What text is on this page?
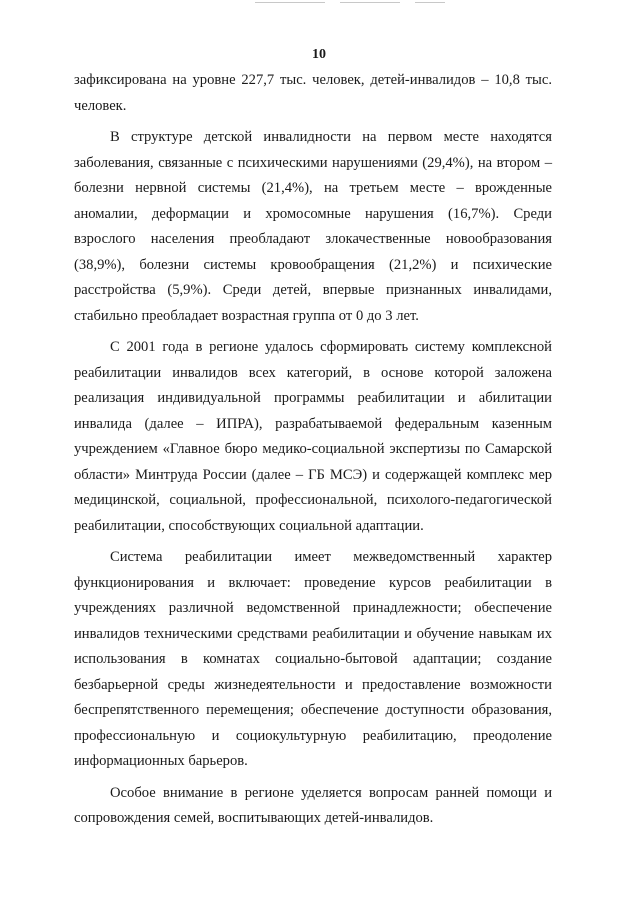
10

зафиксирована на уровне 227,7 тыс. человек, детей-инвалидов – 10,8 тыс. человек.

В структуре детской инвалидности на первом месте находятся заболевания, связанные с психическими нарушениями (29,4%), на втором – болезни нервной системы (21,4%), на третьем месте – врожденные аномалии, деформации и хромосомные нарушения (16,7%). Среди взрослого населения преобладают злокачественные новообразования (38,9%), болезни системы кровообращения (21,2%) и психические расстройства (5,9%). Среди детей, впервые признанных инвалидами, стабильно преобладает возрастная группа от 0 до 3 лет.

С 2001 года в регионе удалось сформировать систему комплексной реабилитации инвалидов всех категорий, в основе которой заложена реализация индивидуальной программы реабилитации и абилитации инвалида (далее – ИПРА), разрабатываемой федеральным казенным учреждением «Главное бюро медико-социальной экспертизы по Самарской области» Минтруда России (далее – ГБ МСЭ) и содержащей комплекс мер медицинской, социальной, профессиональной, психолого-педагогической реабилитации, способствующих социальной адаптации.

Система реабилитации имеет межведомственный характер функционирования и включает: проведение курсов реабилитации в учреждениях различной ведомственной принадлежности; обеспечение инвалидов техническими средствами реабилитации и обучение навыкам их использования в комнатах социально-бытовой адаптации; создание безбарьерной среды жизнедеятельности и предоставление возможности беспрепятственного перемещения; обеспечение доступности образования, профессиональную и социокультурную реабилитацию, преодоление информационных барьеров.

Особое внимание в регионе уделяется вопросам ранней помощи и сопровождения семей, воспитывающих детей-инвалидов.
